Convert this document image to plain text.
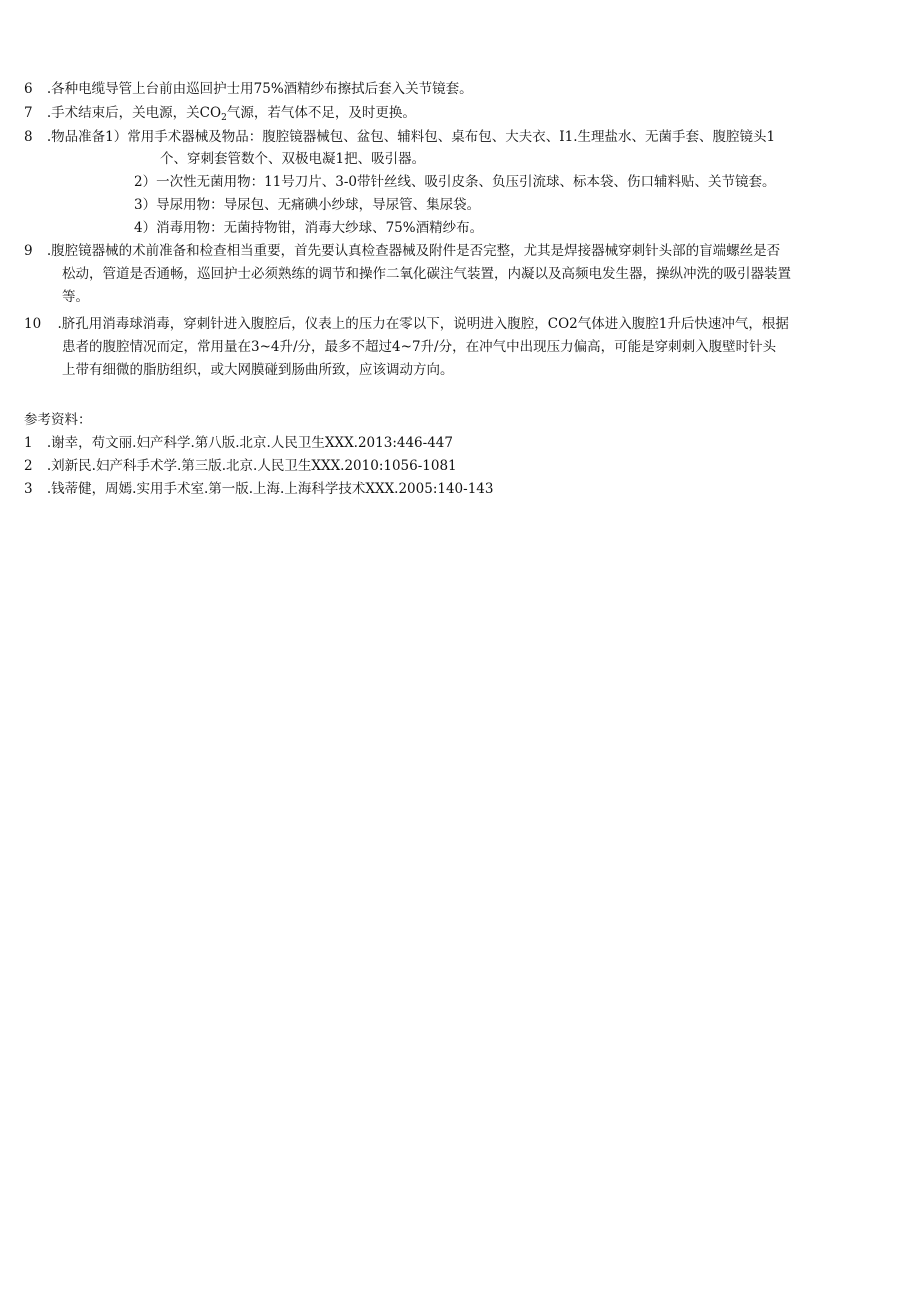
6 .各种电缆导管上台前由巡回护士用75%酒精纱布擦拭后套入关节镜套。
7 .手术结束后，关电源，关$CO_2$气源，若气体不足，及时更换。
8 .物品准备1）常用手术器械及物品：腹腔镜器械包、盆包、辅料包、桌布包、大夫衣、I1.生理盐水、无菌手套、腹腔镜头1
个、穿刺套管数个、双极电凝1把、吸引器。
2）一次性无菌用物：11号刀片、3-0带针丝线、吸引皮条、负压引流球、标本袋、伤口辅料贴、关节镜套。
3）导尿用物：导尿包、无痛碘小纱球，导尿管、集尿袋。
4）消毒用物：无菌持物钳，消毒大纱球、75%酒精纱布。
9 .腹腔镜器械的术前准备和检查相当重要，首先要认真检查器械及附件是否完整，尤其是焊接器械穿刺针头部的盲端螺丝是否
松动，管道是否通畅，巡回护士必须熟练的调节和操作二氧化碳注气装置，内凝以及高频电发生器，操纵冲洗的吸引器装置
等。
10 .脐孔用消毒球消毒，穿刺针进入腹腔后，仪表上的压力在零以下，说明进入腹腔，CO2气体进入腹腔1升后快速冲气，根据
患者的腹腔情况而定，常用量在3~4升/分，最多不超过4~7升/分，在冲气中出现压力偏高，可能是穿刺刺入腹壁时针头
上带有细微的脂肪组织，或大网膜碰到肠曲所致，应该调动方向。
参考资料：
1 .谢幸，苟文丽.妇产科学.第八版.北京.人民卫生XXX.2013:446-447
2 .刘新民.妇产科手术学.第三版.北京.人民卫生XXX.2010:1056-1081
3 .钱蒂健，周嫣.实用手术室.第一版.上海.上海科学技术XXX.2005:140-143
